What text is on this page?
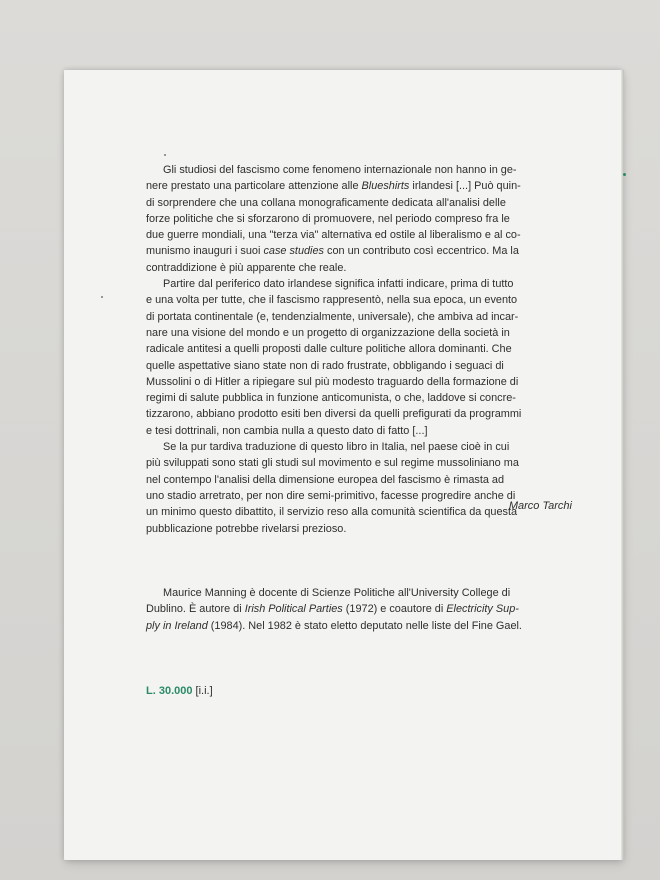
Gli studiosi del fascismo come fenomeno internazionale non hanno in ge-
nere prestato una particolare attenzione alle Blueshirts irlandesi [...] Può quin-
di sorprendere che una collana monograficamente dedicata all'analisi delle
forze politiche che si sforzarono di promuovere, nel periodo compreso fra le
due guerre mondiali, una "terza via" alternativa ed ostile al liberalismo e al co-
munismo inauguri i suoi case studies con un contributo così eccentrico. Ma la
contraddizione è più apparente che reale.

Partire dal periferico dato irlandese significa infatti indicare, prima di tutto
e una volta per tutte, che il fascismo rappresentò, nella sua epoca, un evento
di portata continentale (e, tendenzialmente, universale), che ambiva ad incar-
nare una visione del mondo e un progetto di organizzazione della società in
radicale antitesi a quelli proposti dalle culture politiche allora dominanti. Che
quelle aspettative siano state non di rado frustrate, obbligando i seguaci di
Mussolini o di Hitler a ripiegare sul più modesto traguardo della formazione di
regimi di salute pubblica in funzione anticomunista, o che, laddove si concre-
tizzarono, abbiano prodotto esiti ben diversi da quelli prefigurati da programmi
e tesi dottrinali, non cambia nulla a questo dato di fatto [...]

Se la pur tardiva traduzione di questo libro in Italia, nel paese cioè in cui
più sviluppati sono stati gli studi sul movimento e sul regime mussoliniano ma
nel contempo l'analisi della dimensione europea del fascismo è rimasta ad
uno stadio arretrato, per non dire semi-primitivo, facesse progredire anche di
un minimo questo dibattito, il servizio reso alla comunità scientifica da questa
pubblicazione potrebbe rivelarsi prezioso.

Marco Tarchi

Maurice Manning è docente di Scienze Politiche all'University College di
Dublino. È autore di Irish Political Parties (1972) e coautore di Electricity Sup-
ply in Ireland (1984). Nel 1982 è stato eletto deputato nelle liste del Fine Gael.

L. 30.000 [i.i.]
